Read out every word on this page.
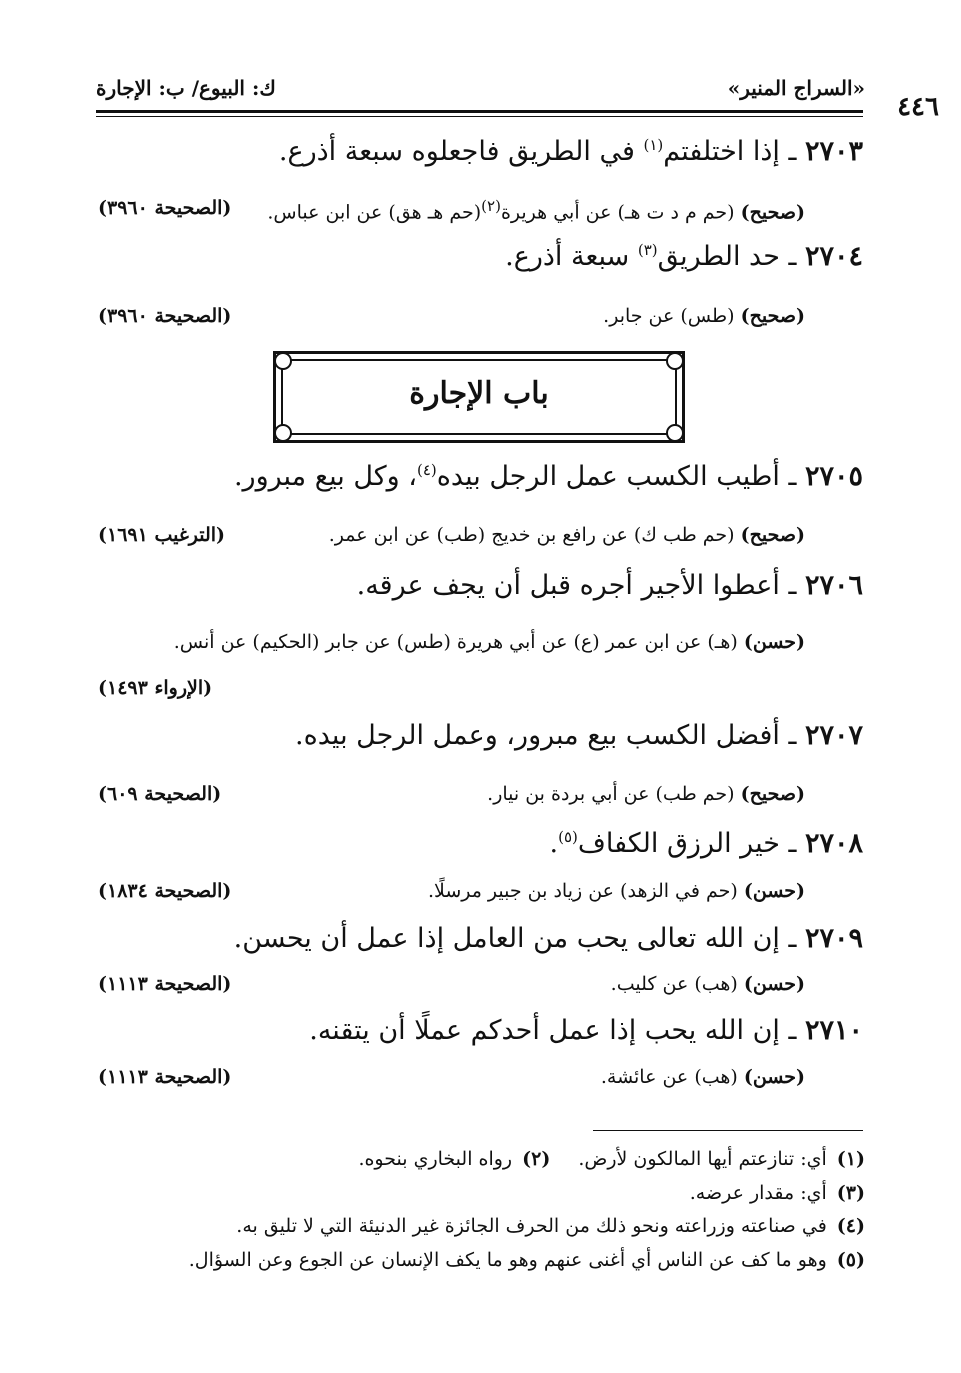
«السراج المنير»
ك: البيوع/ ب: الإجارة
٤٤٦
٢٧٠٣ ـ إذا اختلفتم$^{(١)}$ في الطريق فاجعلوه سبعة أذرع.
(صحيح) (حم م د ت هـ) عن أبي هريرة$^{(٢)}$(حم هـ هق) عن ابن عباس.
(الصحيحة ٣٩٦٠)
٢٧٠٤ ـ حد الطريق$^{(٣)}$ سبعة أذرع.
(صحيح) (طس) عن جابر.
(الصحيحة ٣٩٦٠)
باب الإجارة
٢٧٠٥ ـ أطيب الكسب عمل الرجل بيده$^{(٤)}$، وكل بيع مبرور.
(صحيح) (حم طب ك) عن رافع بن خديج (طب) عن ابن عمر.
(الترغيب ١٦٩١)
٢٧٠٦ ـ أعطوا الأجير أجره قبل أن يجف عرقه.
(حسن) (هـ) عن ابن عمر (ع) عن أبي هريرة (طس) عن جابر (الحكيم) عن أنس.
(الإرواء ١٤٩٣)
٢٧٠٧ ـ أفضل الكسب بيع مبرور، وعمل الرجل بيده.
(صحيح) (حم طب) عن أبي بردة بن نيار.
(الصحيحة ٦٠٩)
٢٧٠٨ ـ خير الرزق الكفاف$^{(٥)}$.
(حسن) (حم في الزهد) عن زياد بن جبير مرسلًا.
(الصحيحة ١٨٣٤)
٢٧٠٩ ـ إن الله تعالى يحب من العامل إذا عمل أن يحسن.
(حسن) (هب) عن كليب.
(الصحيحة ١١١٣)
٢٧١٠ ـ إن الله يحب إذا عمل أحدكم عملًا أن يتقنه.
(حسن) (هب) عن عائشة.
(الصحيحة ١١١٣)
(١)أي: تنازعتم أيها المالكون لأرض.(٢)رواه البخاري بنحوه.
(٣)أي: مقدار عرضه.
(٤)في صناعته وزراعته ونحو ذلك من الحرف الجائزة غير الدنيئة التي لا تليق به.
(٥)وهو ما كف عن الناس أي أغنى عنهم وهو ما يكف الإنسان عن الجوع وعن السؤال.
